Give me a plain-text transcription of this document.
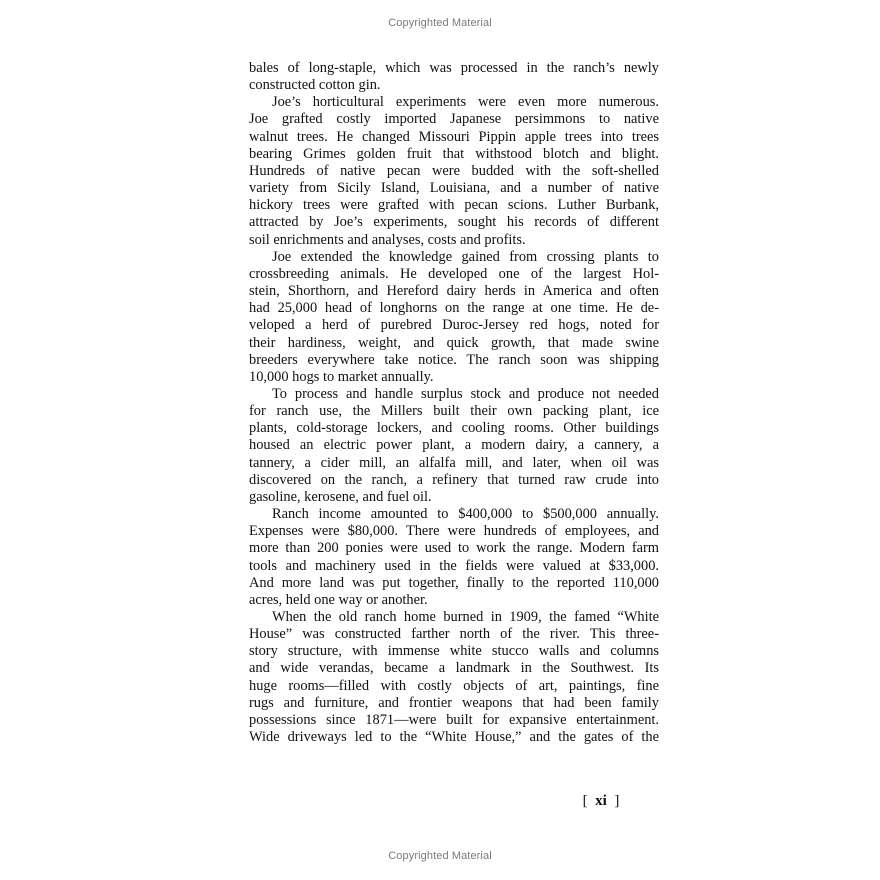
Copyrighted Material
bales of long-staple, which was processed in the ranch’s newly
constructed cotton gin.
Joe’s horticultural experiments were even more numerous.
Joe grafted costly imported Japanese persimmons to native
walnut trees. He changed Missouri Pippin apple trees into trees
bearing Grimes golden fruit that withstood blotch and blight.
Hundreds of native pecan were budded with the soft-shelled
variety from Sicily Island, Louisiana, and a number of native
hickory trees were grafted with pecan scions. Luther Burbank,
attracted by Joe’s experiments, sought his records of different
soil enrichments and analyses, costs and profits.
Joe extended the knowledge gained from crossing plants to
crossbreeding animals. He developed one of the largest Hol-
stein, Shorthorn, and Hereford dairy herds in America and often
had 25,000 head of longhorns on the range at one time. He de-
veloped a herd of purebred Duroc-Jersey red hogs, noted for
their hardiness, weight, and quick growth, that made swine
breeders everywhere take notice. The ranch soon was shipping
10,000 hogs to market annually.
To process and handle surplus stock and produce not needed
for ranch use, the Millers built their own packing plant, ice
plants, cold-storage lockers, and cooling rooms. Other buildings
housed an electric power plant, a modern dairy, a cannery, a
tannery, a cider mill, an alfalfa mill, and later, when oil was
discovered on the ranch, a refinery that turned raw crude into
gasoline, kerosene, and fuel oil.
Ranch income amounted to $400,000 to $500,000 annually.
Expenses were $80,000. There were hundreds of employees, and
more than 200 ponies were used to work the range. Modern farm
tools and machinery used in the fields were valued at $33,000.
And more land was put together, finally to the reported 110,000
acres, held one way or another.
When the old ranch home burned in 1909, the famed “White
House” was constructed farther north of the river. This three-
story structure, with immense white stucco walls and columns
and wide verandas, became a landmark in the Southwest. Its
huge rooms—filled with costly objects of art, paintings, fine
rugs and furniture, and frontier weapons that had been family
possessions since 1871—were built for expansive entertainment.
Wide driveways led to the “White House,” and the gates of the
[  xi  ]
Copyrighted Material
